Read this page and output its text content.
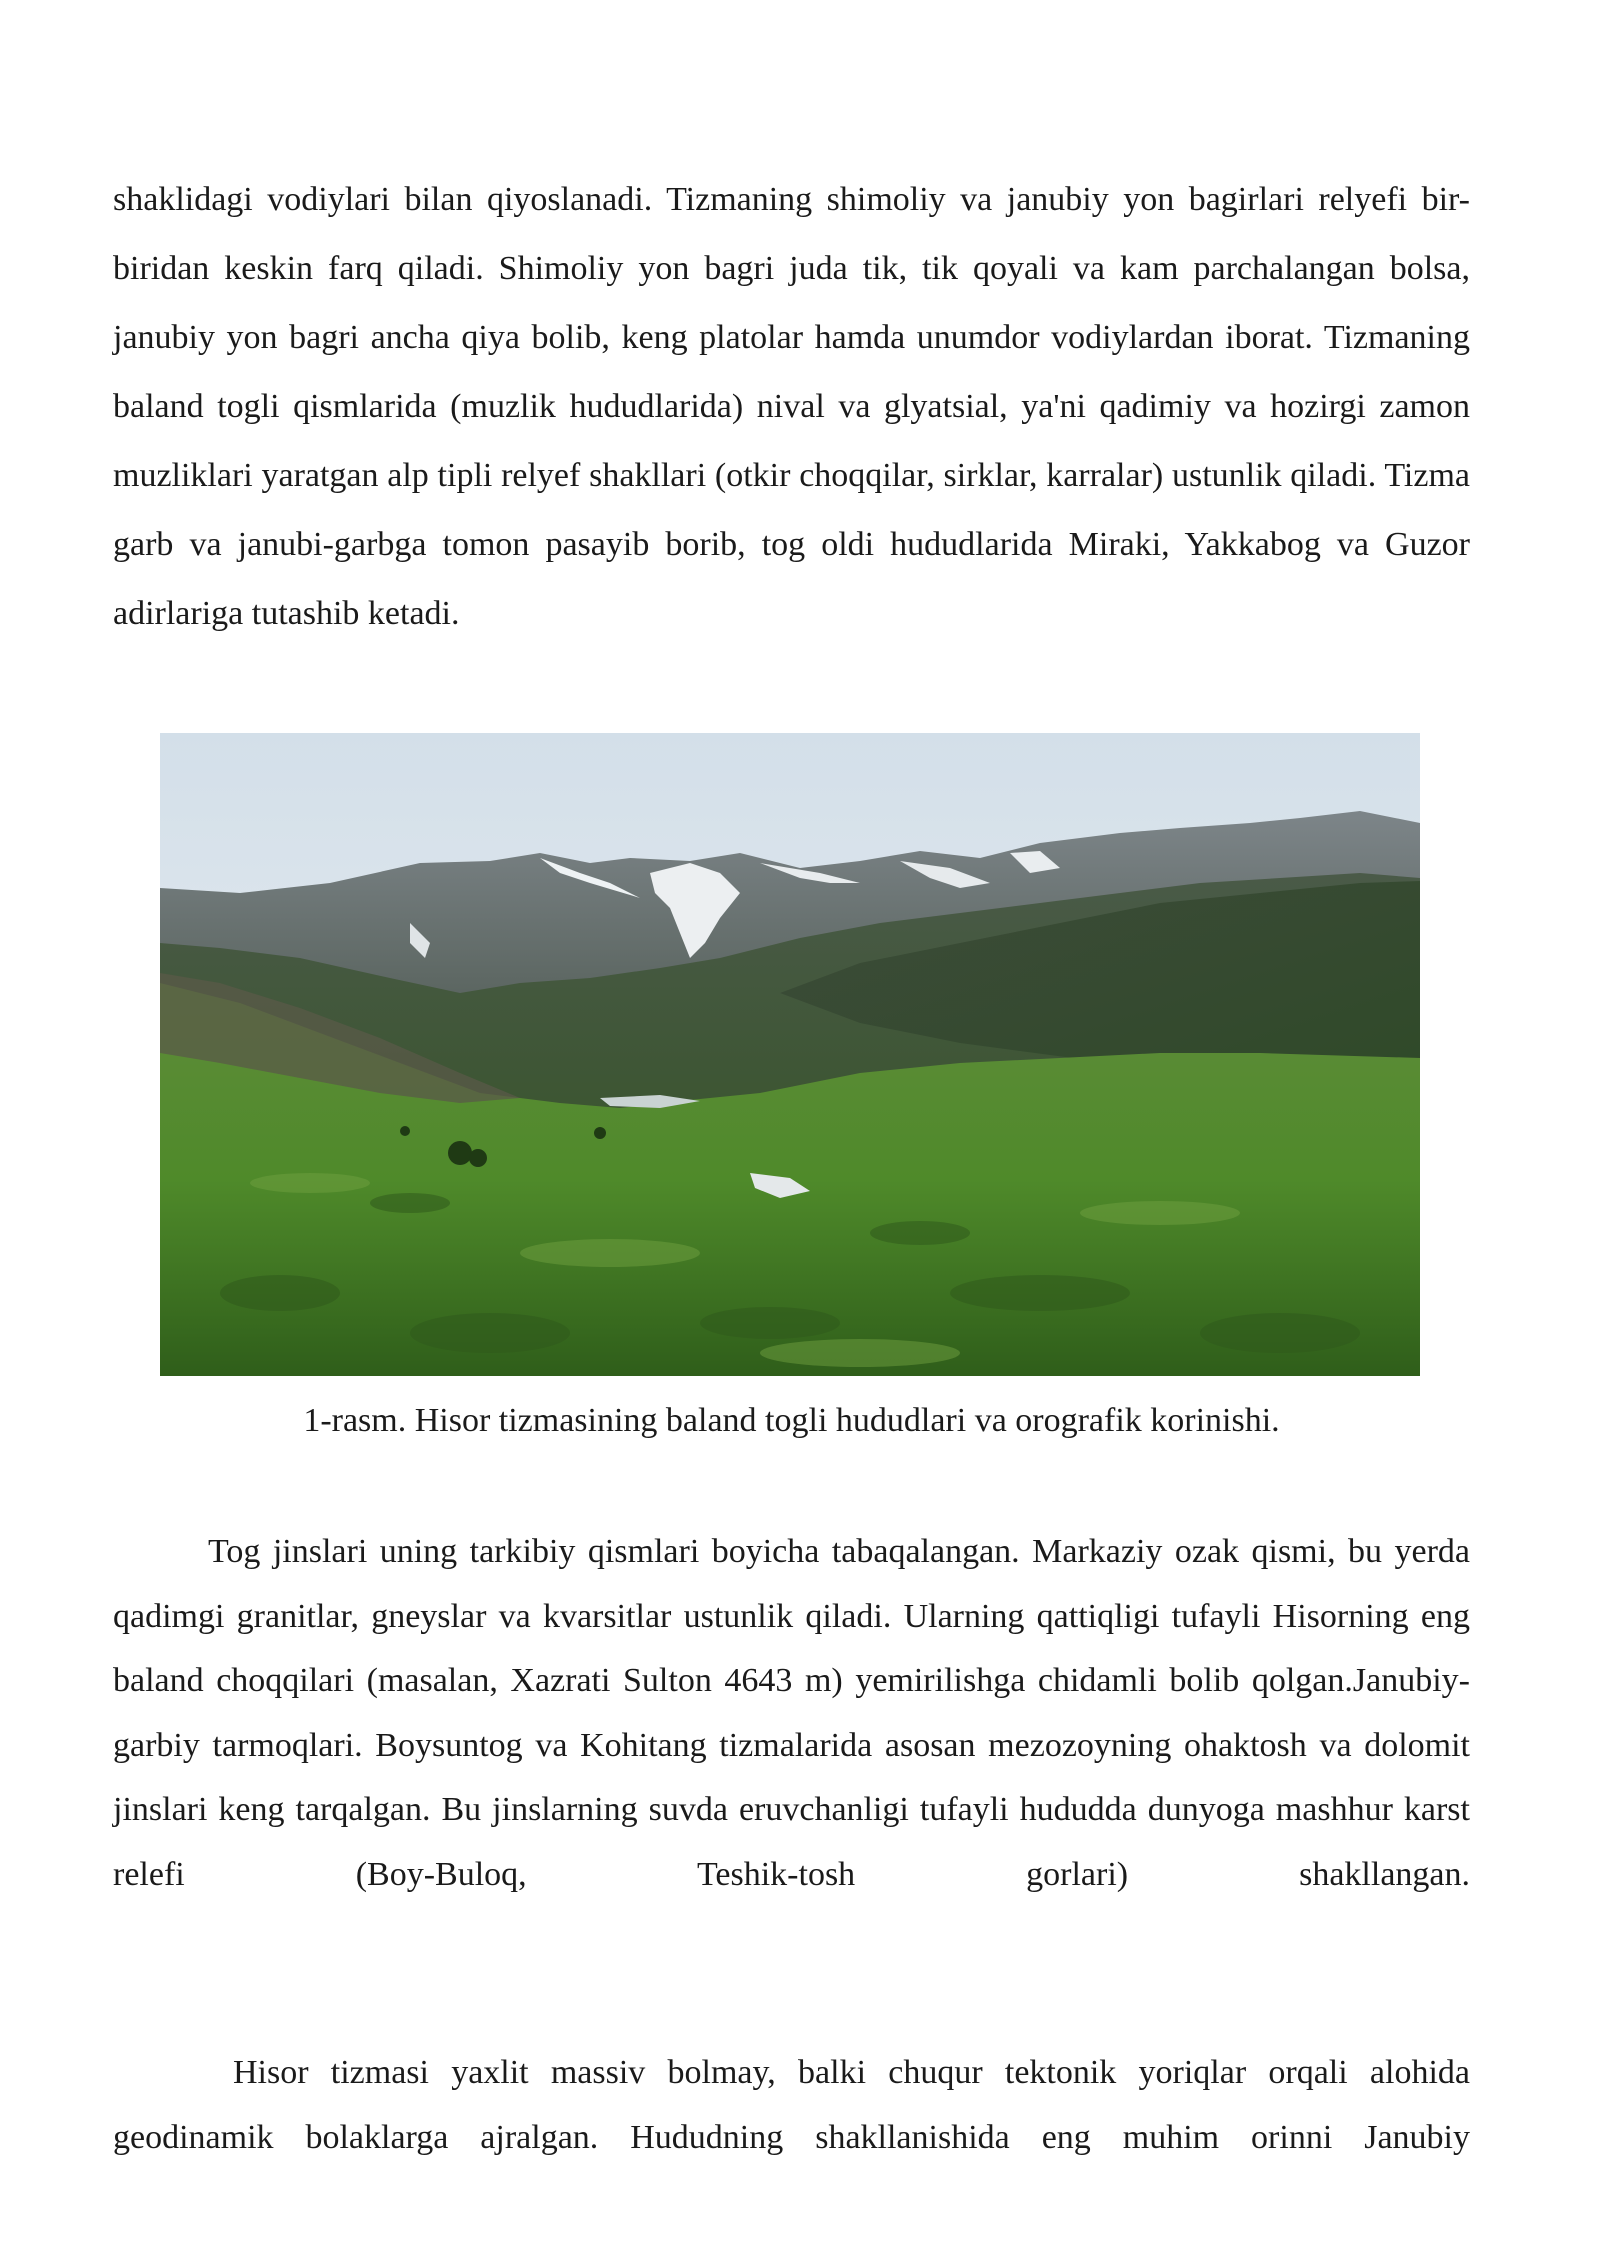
shaklidagi vodiylari bilan qiyoslanadi. Tizmaning shimoliy va janubiy yon bagirlari relyefi bir-biridan keskin farq qiladi. Shimoliy yon bagri juda tik, tik qoyali va kam parchalangan bolsa, janubiy yon bagri ancha qiya bolib, keng platolar hamda unumdor vodiylardan iborat. Tizmaning baland togli qismlarida (muzlik hududlarida) nival va glyatsial, ya'ni qadimiy va hozirgi zamon muzliklari yaratgan alp tipli relyef shakllari (otkir choqqilar, sirklar, karralar) ustunlik qiladi. Tizma garb va janubi-garbga tomon pasayib borib, tog oldi hududlarida Miraki, Yakkabog va Guzor adirlariga tutashib ketadi.

1-rasm. Hisor tizmasining baland togli hududlari va orografik korinishi.

Tog jinslari uning tarkibiy qismlari boyicha tabaqalangan. Markaziy ozak qismi, bu yerda qadimgi granitlar, gneyslar va kvarsitlar ustunlik qiladi. Ularning qattiqligi tufayli Hisorning eng baland choqqilari (masalan, Xazrati Sulton 4643 m) yemirilishga chidamli bolib qolgan.Janubiy-garbiy tarmoqlari. Boysuntog va Kohitang tizmalarida asosan mezozoyning ohaktosh va dolomit jinslari keng tarqalgan. Bu jinslarning suvda eruvchanligi tufayli hududda dunyoga mashhur karst relefi (Boy-Buloq, Teshik-tosh gorlari) shakllangan.

Hisor tizmasi yaxlit massiv bolmay, balki chuqur tektonik yoriqlar orqali alohida geodinamik bolaklarga ajralgan. Hududning shakllanishida eng muhim orinni Janubiy
